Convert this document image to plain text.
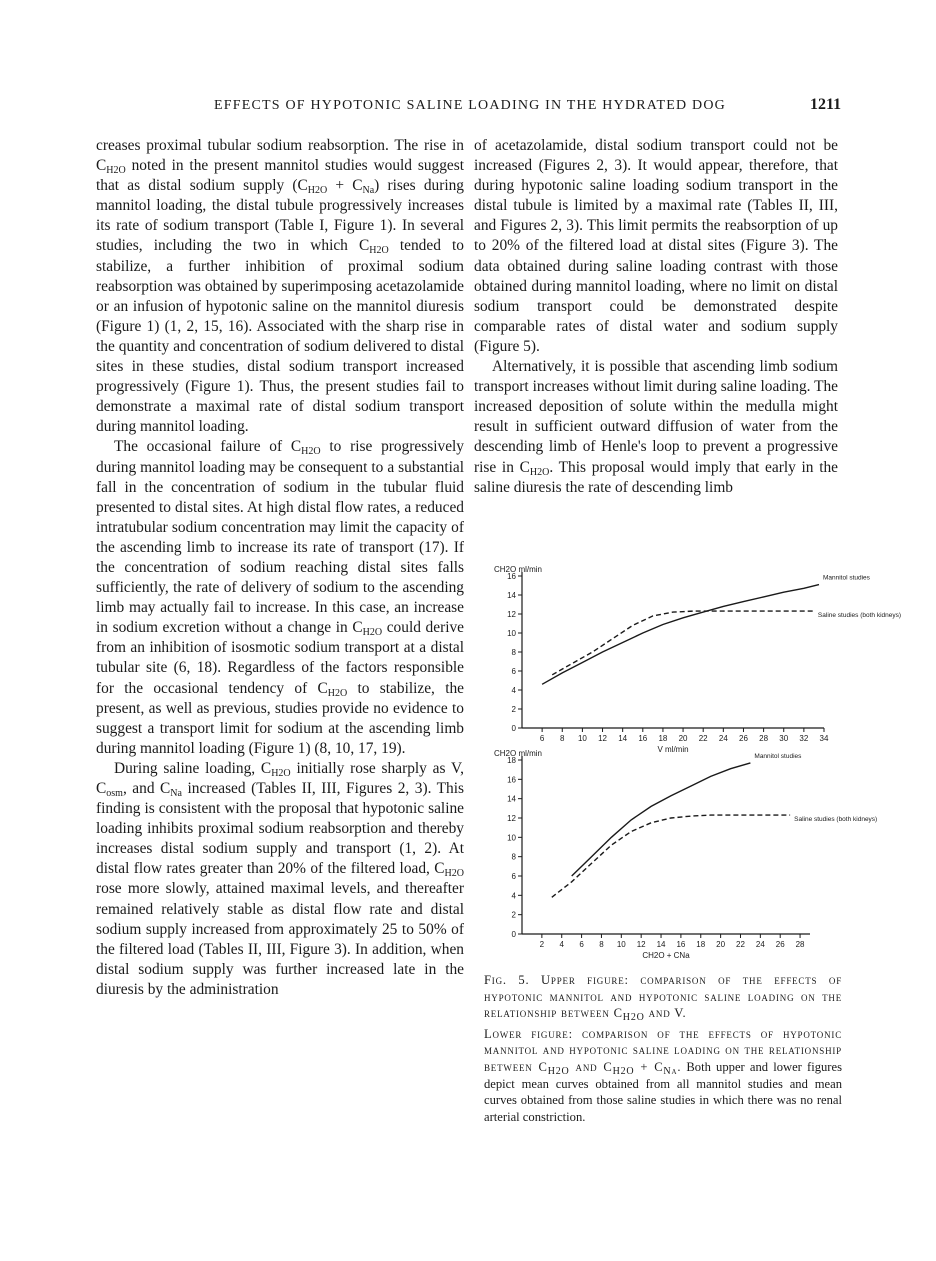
EFFECTS OF HYPOTONIC SALINE LOADING IN THE HYDRATED DOG	1211

creases proximal tubular sodium reabsorption. The rise in $C_{H2O}$ noted in the present mannitol studies would suggest that as distal sodium supply $(C_{H2O} + C_{Na})$ rises during mannitol loading, the distal tubule progressively increases its rate of sodium transport (Table I, Figure 1). In several studies, including the two in which $C_{H2O}$ tended to stabilize, a further inhibition of proximal sodium reabsorption was obtained by superimposing acetazolamide or an infusion of hypotonic saline on the mannitol diuresis (Figure 1) (1, 2, 15, 16). Associated with the sharp rise in the quantity and concentration of sodium delivered to distal sites in these studies, distal sodium transport increased progressively (Figure 1). Thus, the present studies fail to demonstrate a maximal rate of distal sodium transport during mannitol loading.

The occasional failure of $C_{H2O}$ to rise progressively during mannitol loading may be consequent to a substantial fall in the concentration of sodium in the tubular fluid presented to distal sites. At high distal flow rates, a reduced intratubular sodium concentration may limit the capacity of the ascending limb to increase its rate of transport (17). If the concentration of sodium reaching distal sites falls sufficiently, the rate of delivery of sodium to the ascending limb may actually fail to increase. In this case, an increase in sodium excretion without a change in $C_{H2O}$ could derive from an inhibition of isosmotic sodium transport at a distal tubular site (6, 18). Regardless of the factors responsible for the occasional tendency of $C_{H2O}$ to stabilize, the present, as well as previous, studies provide no evidence to suggest a transport limit for sodium at the ascending limb during mannitol loading (Figure 1) (8, 10, 17, 19).

During saline loading, $C_{H2O}$ initially rose sharply as V, $C_{osm}$, and $C_{Na}$ increased (Tables II, III, Figures 2, 3). This finding is consistent with the proposal that hypotonic saline loading inhibits proximal sodium reabsorption and thereby increases distal sodium supply and transport (1, 2). At distal flow rates greater than 20% of the filtered load, $C_{H2O}$ rose more slowly, attained maximal levels, and thereafter remained relatively stable as distal flow rate and distal sodium supply increased from approximately 25 to 50% of the filtered load (Tables II, III, Figure 3). In addition, when distal sodium supply was further increased late in the diuresis by the administration

of acetazolamide, distal sodium transport could not be increased (Figures 2, 3). It would appear, therefore, that during hypotonic saline loading sodium transport in the distal tubule is limited by a maximal rate (Tables II, III, and Figures 2, 3). This limit permits the reabsorption of up to 20% of the filtered load at distal sites (Figure 3). The data obtained during saline loading contrast with those obtained during mannitol loading, where no limit on distal sodium transport could be demonstrated despite comparable rates of distal water and sodium supply (Figure 5).

Alternatively, it is possible that ascending limb sodium transport increases without limit during saline loading. The increased deposition of solute within the medulla might result in sufficient outward diffusion of water from the descending limb of Henle's loop to prevent a progressive rise in $C_{H2O}$. This proposal would imply that early in the saline diuresis the rate of descending limb

0
2
4
6
8
10
12
14
16
6 8 10 12 14 16 18 20 22 24 26 28 30 32 34
CH2O ml/min
V ml/min
Mannitol studies
Saline studies (both kidneys)
0
2
4
6
8
10
12
14
16
18
2 4 6 8 10 12 14 16 18 20 22 24 26 28
CH2O ml/min
CH2O + CNa
Mannitol studies
Saline studies (both kidneys)

Fig. 5. Upper figure: comparison of the effects of hypotonic mannitol and hypotonic saline loading on the relationship between $C_{H2O}$ and V.

Lower figure: comparison of the effects of hypotonic mannitol and hypotonic saline loading on the relationship between $C_{H2O}$ and $C_{H2O} + C_{Na}$. Both upper and lower figures depict mean curves obtained from all mannitol studies and mean curves obtained from those saline studies in which there was no renal arterial constriction.
